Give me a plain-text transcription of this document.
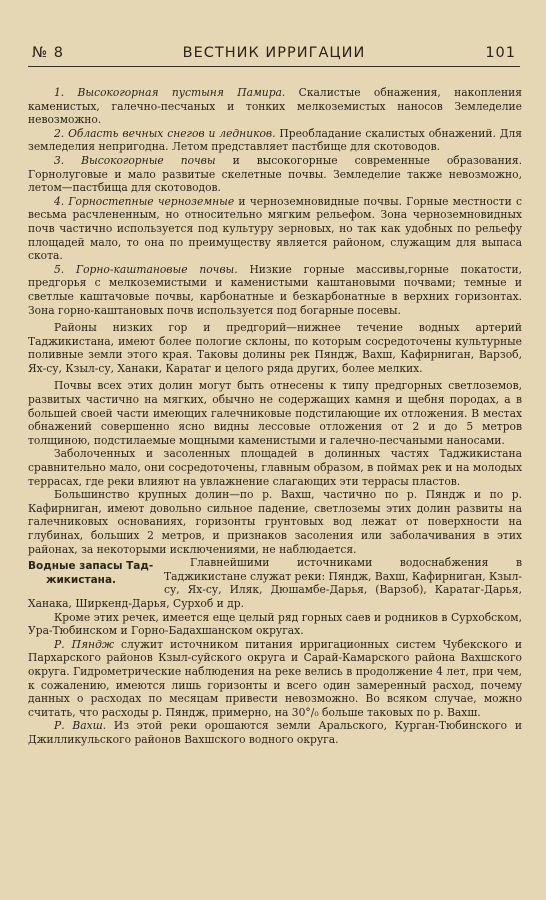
№ 8	ВЕСТНИК ИРРИГАЦИИ	101

1. Высокогорная пустыня Памира. Скалистые обнажения, накопления каменистых, галечно-песчаных и тонких мелкоземистых наносов Земледелие невозможно.

2. Область вечных снегов и ледников. Преобладание скалистых обнажений. Для земледелия непригодна. Летом представляет пастбище для скотоводов.

3. Высокогорные почвы и высокогорные современные образования. Горнолуговые и мало развитые скелетные почвы. Земледелие также невозможно, летом—пастбища для скотоводов.

4. Горностепные черноземные и черноземновидные почвы. Горные местности с весьма расчлененным, но относительно мягким рельефом. Зона черноземновидных почв частично используется под культуру зерновых, но так как удобных по рельефу площадей мало, то она по преимуществу является районом, служащим для выпаса скота.

5. Горно-каштановые почвы. Низкие горные массивы,горные покатости, предгорья с мелкоземистыми и каменистыми каштановыми почвами; темные и светлые каштачовые почвы, карбонатные и безкарбонатные в верхних горизонтах. Зона горно-каштановых почв используется под богарные посевы.

Районы низких гор и предгорий—нижнее течение водных артерий Таджикистана, имеют более пологие склоны, по которым сосредоточены культурные поливные земли этого края. Таковы долины рек Пяндж, Вахш, Кафирниган, Варзоб, Ях-су, Кзыл-су, Ханаки, Каратаг и целого ряда других, более мелких.

Почвы всех этих долин могут быть отнесены к типу предгорных светлоземов, развитых частично на мягких, обычно не содержащих камня и щебня породах, а в большей своей части имеющих галечниковые подстилающие их отложения. В местах обнажений совершенно ясно видны лессовые отложения от 2 и до 5 метров толщиною, подстилаемые мощными каменистыми и галечно-песчаными наносами.

Заболоченных и засоленных площадей в долинных частях Таджикистана сравнительно мало, они сосредоточены, главным образом, в поймах рек и на молодых террасах, где реки влияют на увлажнение слагающих эти террасы пластов.

Большинство крупных долин—по р. Вахш, частично по р. Пяндж и по р. Кафирниган, имеют довольно сильное падение, светлоземы этих долин развиты на галечниковых основаниях, горизонты грунтовых вод лежат от поверхности на глубинах, больших 2 метров, и признаков засоления или заболачивания в этих районах, за некоторыми исключениями, не наблюдается.

Водные запасы Тад-
жикистана.

Главнейшими источниками водоснабжения в Таджикистане служат реки: Пяндж, Вахш, Кафирниган, Кзыл-су, Ях-су, Иляк, Дюшамбе-Дарья, (Варзоб), Каратаг-Дарья, Ханака, Ширкенд-Дарья, Сурхоб и др.

Кроме этих речек, имеется еще целый ряд горных саев и родников в Сурхобском, Ура-Тюбинском и Горно-Бадахшанском округах.

Р. Пяндж служит источником питания ирригационных систем Чубекского и Пархарского районов Кзыл-суйского округа и Сарай-Камарского района Вахшского округа. Гидрометрические наблюдения на реке велись в продолжение 4 лет, при чем, к сожалению, имеются лишь горизонты и всего один замеренный расход, почему данных о расходах по месяцам привести невозможно. Во всяком случае, можно считать, что расходы р. Пяндж, примерно, на 30°/₀ больше таковых по р. Вахш.

Р. Вахш. Из этой реки орошаются земли Аральского, Курган-Тюбинского и Джилликульского районов Вахшского водного округа.
